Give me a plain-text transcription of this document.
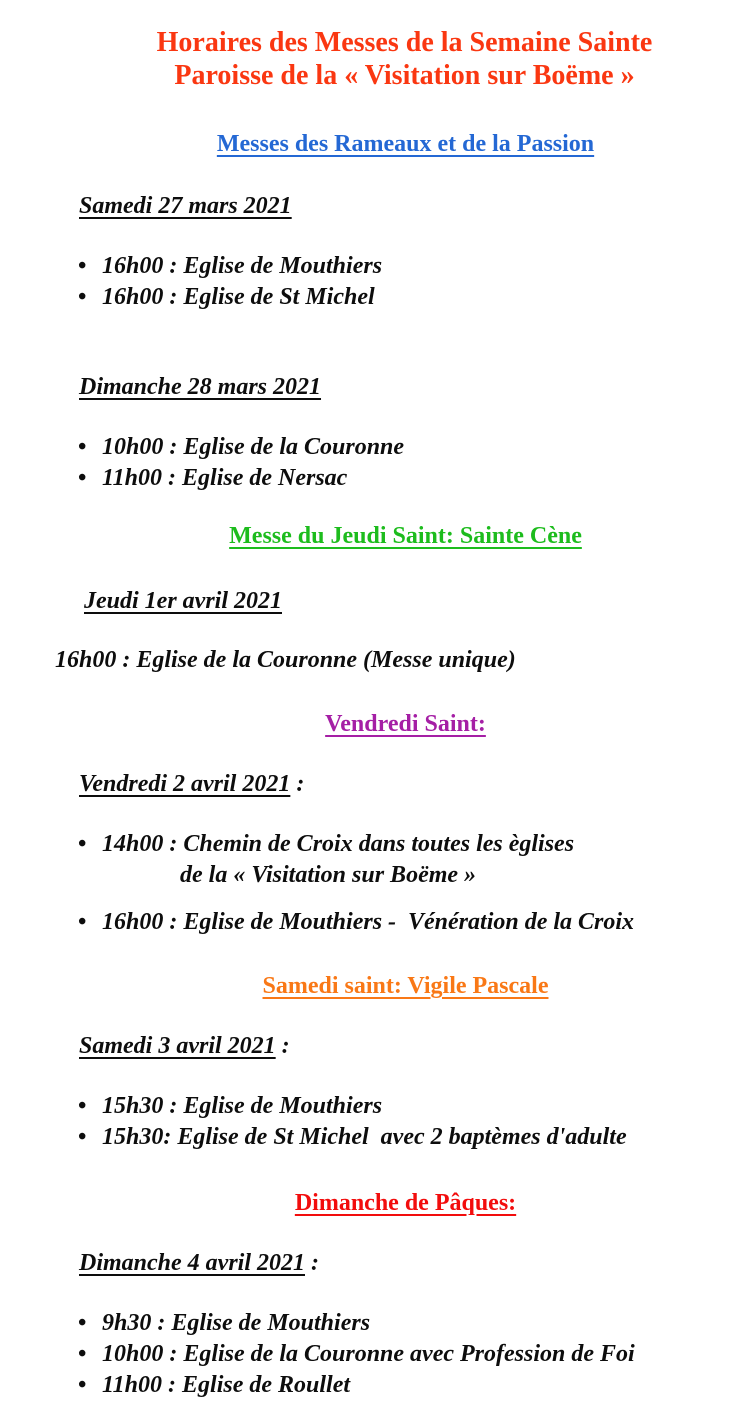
Horaires des Messes de la Semaine Sainte
Paroisse de la « Visitation sur Boëme »
Messes des Rameaux et de la Passion

Samedi 27 mars 2021

• 16h00 : Eglise de Mouthiers
• 16h00 : Eglise de St Michel

Dimanche 28 mars 2021

• 10h00 : Eglise de la Couronne
• 11h00 : Eglise de Nersac
Messe du Jeudi Saint: Sainte Cène

Jeudi 1er avril 2021

16h00 : Eglise de la Couronne (Messe unique)
Vendredi Saint:

Vendredi 2 avril 2021 :

• 14h00 : Chemin de Croix dans toutes les èglises
de la « Visitation sur Boëme »
• 16h00 : Eglise de Mouthiers -  Vénération de la Croix
Samedi saint: Vigile Pascale

Samedi 3 avril 2021 :

• 15h30 : Eglise de Mouthiers
• 15h30: Eglise de St Michel  avec 2 baptèmes d'adulte
Dimanche de Pâques:

Dimanche 4 avril 2021 :

• 9h30 : Eglise de Mouthiers
• 10h00 : Eglise de la Couronne avec Profession de Foi
• 11h00 : Eglise de Roullet
